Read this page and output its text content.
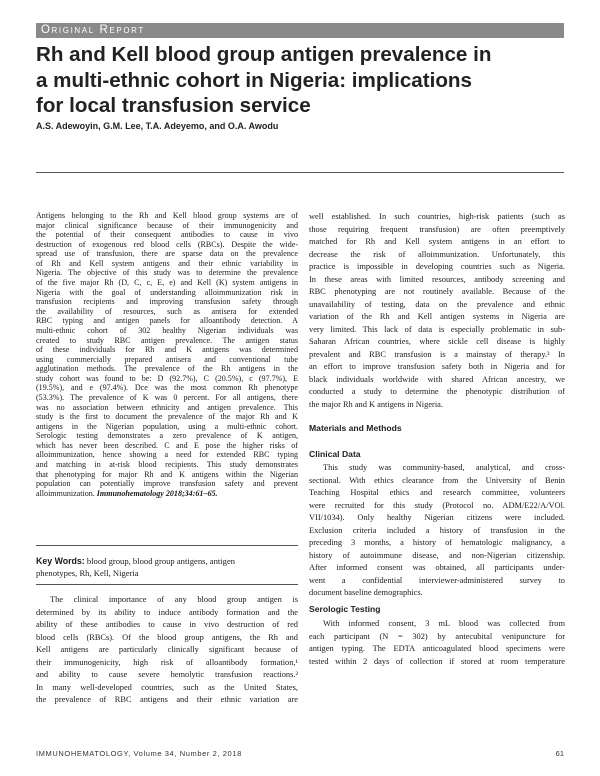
Original Report
Rh and Kell blood group antigen prevalence in
a multi-ethnic cohort in Nigeria: implications
for local transfusion service
A.S. Adewoyin, G.M. Lee, T.A. Adeyemo, and O.A. Awodu
Antigens belonging to the Rh and Kell blood group systems are of
major clinical significance because of their immunogenicity and
the potential of their consequent antibodies to cause in vivo
destruction of exogenous red blood cells (RBCs). Despite the wide-
spread use of transfusion, there are sparse data on the prevalence
of Rh and Kell system antigens and their ethnic variability in
Nigeria. The objective of this study was to determine the prevalence
of the five major Rh (D, C, c, E, e) and Kell (K) system antigens in
Nigeria with the goal of understanding alloimmunization risk in
transfusion recipients and improving transfusion safety through
the availability of resources, such as antisera for extended
RBC typing and antigen panels for alloantibody detection. A
multi-ethnic cohort of 302 healthy Nigerian individuals was
created to study RBC antigen prevalence. The antigen status
of these individuals for Rh and K antigens was determined
using commercially prepared antisera and conventional tube
agglutination methods. The prevalence of the Rh antigens in the
study cohort was found to be: D (92.7%), C (20.5%), c (97.7%), E
(19.5%), and e (97.4%). Dce was the most common Rh phenotype
(53.3%). The prevalence of K was 0 percent. For all antigens, there
was no association between ethnicity and antigen prevalence. This
study is the first to document the prevalence of the major Rh and K
antigens in the Nigerian population, using a multi-ethnic cohort.
Serologic testing demonstrates a zero prevalence of K antigen,
which has never been described. C and E pose the higher risks of
alloimmunization, hence showing a need for extended RBC typing
and matching in at-risk blood recipients. This study demonstrates
that phenotyping for major Rh and K antigens within the Nigerian
population can potentially improve transfusion safety and prevent
alloimmunization. Immunohematology 2018;34:61–65.
Key Words: blood group, blood group antigens, antigen
phenotypes, Rh, Kell, Nigeria
The clinical importance of any blood group antigen is
determined by its ability to induce antibody formation and the
ability of these antibodies to cause in vivo destruction of red
blood cells (RBCs). Of the blood group antigens, the Rh and
Kell antigens are particularly clinically significant because of
their immunogenicity, high risk of alloantibody formation,¹
and ability to cause severe hemolytic transfusion reactions.²
In many well-developed countries, such as the United States,
the prevalence of RBC antigens and their ethnic variation are
well established. In such countries, high-risk patients (such as
those requiring frequent transfusion) are often preemptively
matched for Rh and Kell system antigens in an effort to
decrease the risk of alloimmunization. Unfortunately, this
practice is impossible in developing countries such as Nigeria.
In these areas with limited resources, antibody screening and
RBC phenotyping are not routinely available. Because of the
unavailability of testing, data on the prevalence and ethnic
variation of the Rh and Kell antigen systems in Nigeria are
very limited. This lack of data is especially problematic in sub-
Saharan African countries, where sickle cell disease is highly
prevalent and RBC transfusion is a mainstay of therapy.³ In
an effort to improve transfusion safety both in Nigeria and for
black individuals worldwide with shared African ancestry, we
conducted a study to determine the phenotypic distribution of
the major Rh and K antigens in Nigeria.
Materials and Methods
Clinical Data
This study was community-based, analytical, and cross-
sectional. With ethics clearance from the University of Benin
Teaching Hospital ethics and research committee, volunteers
were recruited for this study (Protocol no. ADM/E22/A/VOl.
VII/1034). Only healthy Nigerian citizens were included.
Exclusion criteria included a history of transfusion in the
preceding 3 months, a history of hematologic malignancy, a
history of autoimmune disease, and non-Nigerian citizenship.
After informed consent was obtained, all participants under-
went a confidential interviewer-administered survey to
document baseline demographics.
Serologic Testing
With informed consent, 3 mL blood was collected from
each participant (N = 302) by antecubital venipuncture for
antigen typing. The EDTA anticoagulated blood specimens were
tested within 2 days of collection if stored at room temperature
IMMUNOHEMATOLOGY, Volume 34, Number 2, 2018	61
